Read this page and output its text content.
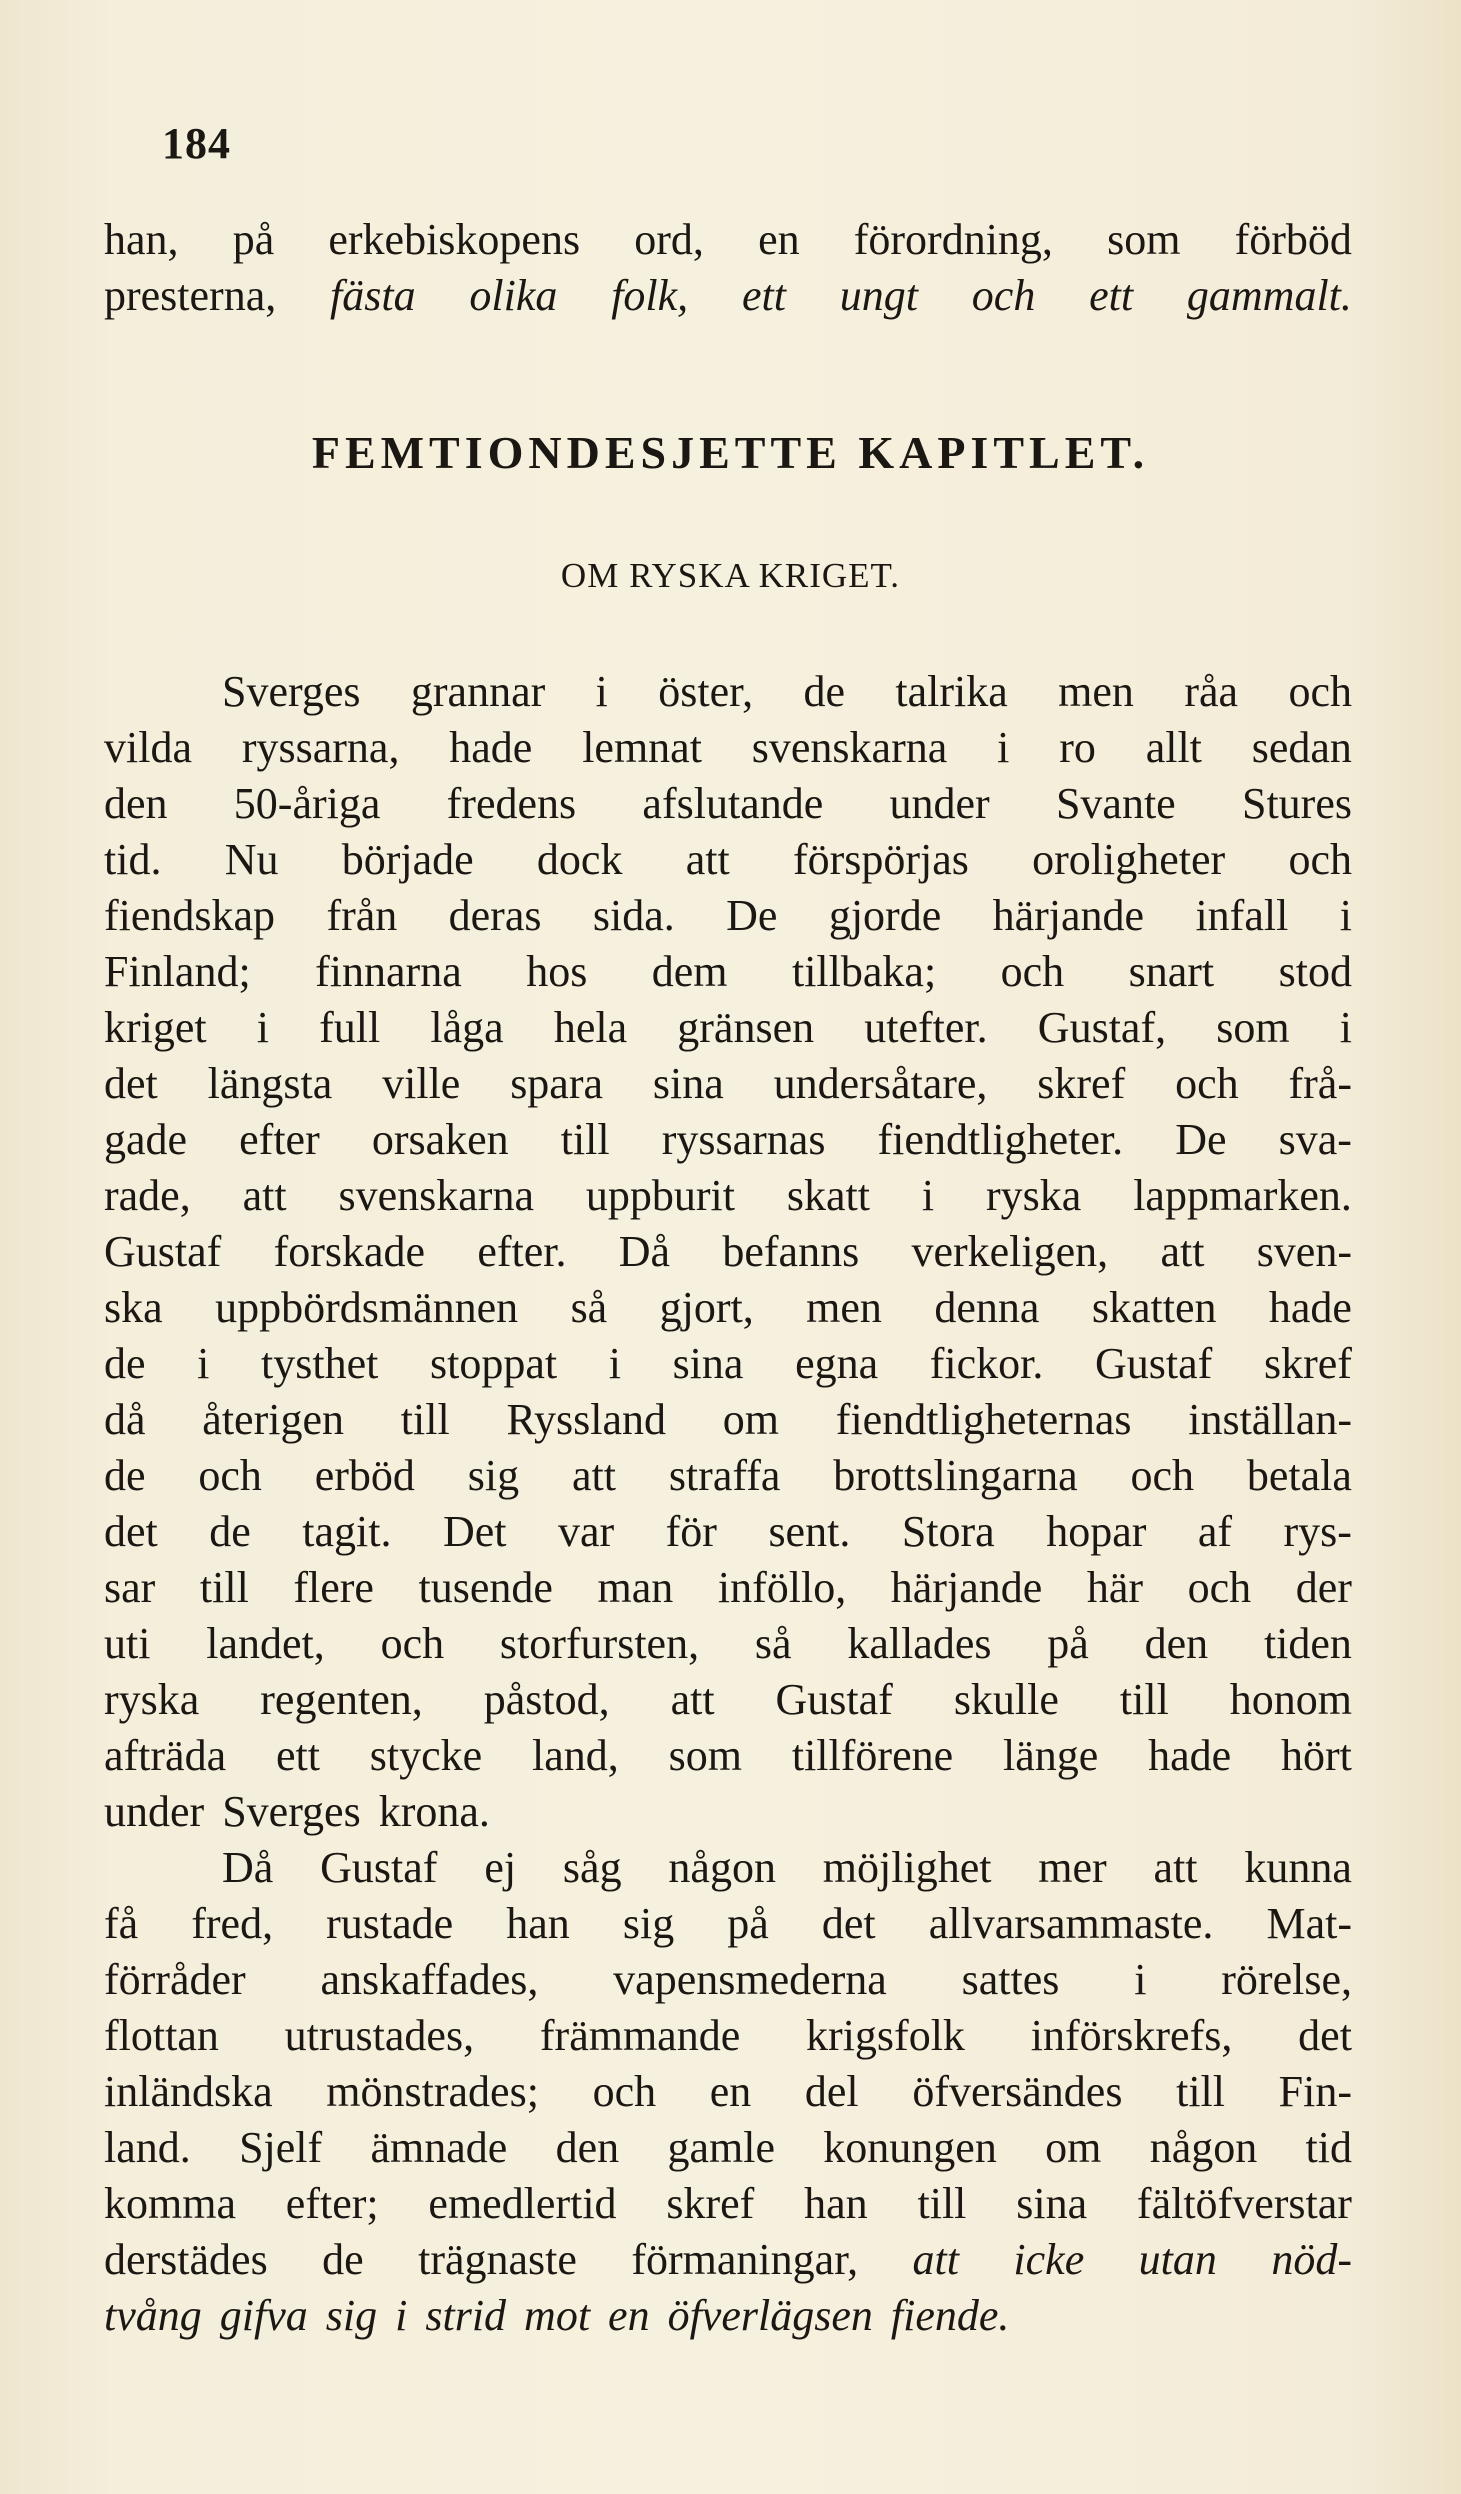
184
han, på erkebiskopens ord, en förordning, som förböd
presterna, fästa olika folk, ett ungt och ett gammalt.
FEMTIONDESJETTE KAPITLET.
OM RYSKA KRIGET.
Sverges grannar i öster, de talrika men råa och
vilda ryssarna, hade lemnat svenskarna i ro allt sedan
den 50-åriga fredens afslutande under Svante Stures
tid. Nu började dock att förspörjas oroligheter och
fiendskap från deras sida. De gjorde härjande infall i
Finland; finnarna hos dem tillbaka; och snart stod
kriget i full låga hela gränsen utefter. Gustaf, som i
det längsta ville spara sina undersåtare, skref och frå-
gade efter orsaken till ryssarnas fiendtligheter. De sva-
rade, att svenskarna uppburit skatt i ryska lappmarken.
Gustaf forskade efter. Då befanns verkeligen, att sven-
ska uppbördsmännen så gjort, men denna skatten hade
de i tysthet stoppat i sina egna fickor. Gustaf skref
då återigen till Ryssland om fiendtligheternas inställan-
de och erböd sig att straffa brottslingarna och betala
det de tagit. Det var för sent. Stora hopar af rys-
sar till flere tusende man inföllo, härjande här och der
uti landet, och storfursten, så kallades på den tiden
ryska regenten, påstod, att Gustaf skulle till honom
afträda ett stycke land, som tillförene länge hade hört
under Sverges krona.
Då Gustaf ej såg någon möjlighet mer att kunna
få fred, rustade han sig på det allvarsammaste. Mat-
förråder anskaffades, vapensmederna sattes i rörelse,
flottan utrustades, främmande krigsfolk införskrefs, det
inländska mönstrades; och en del öfversändes till Fin-
land. Sjelf ämnade den gamle konungen om någon tid
komma efter; emedlertid skref han till sina fältöfverstar
derstädes de trägnaste förmaningar, att icke utan nöd-
tvång gifva sig i strid mot en öfverlägsen fiende.
